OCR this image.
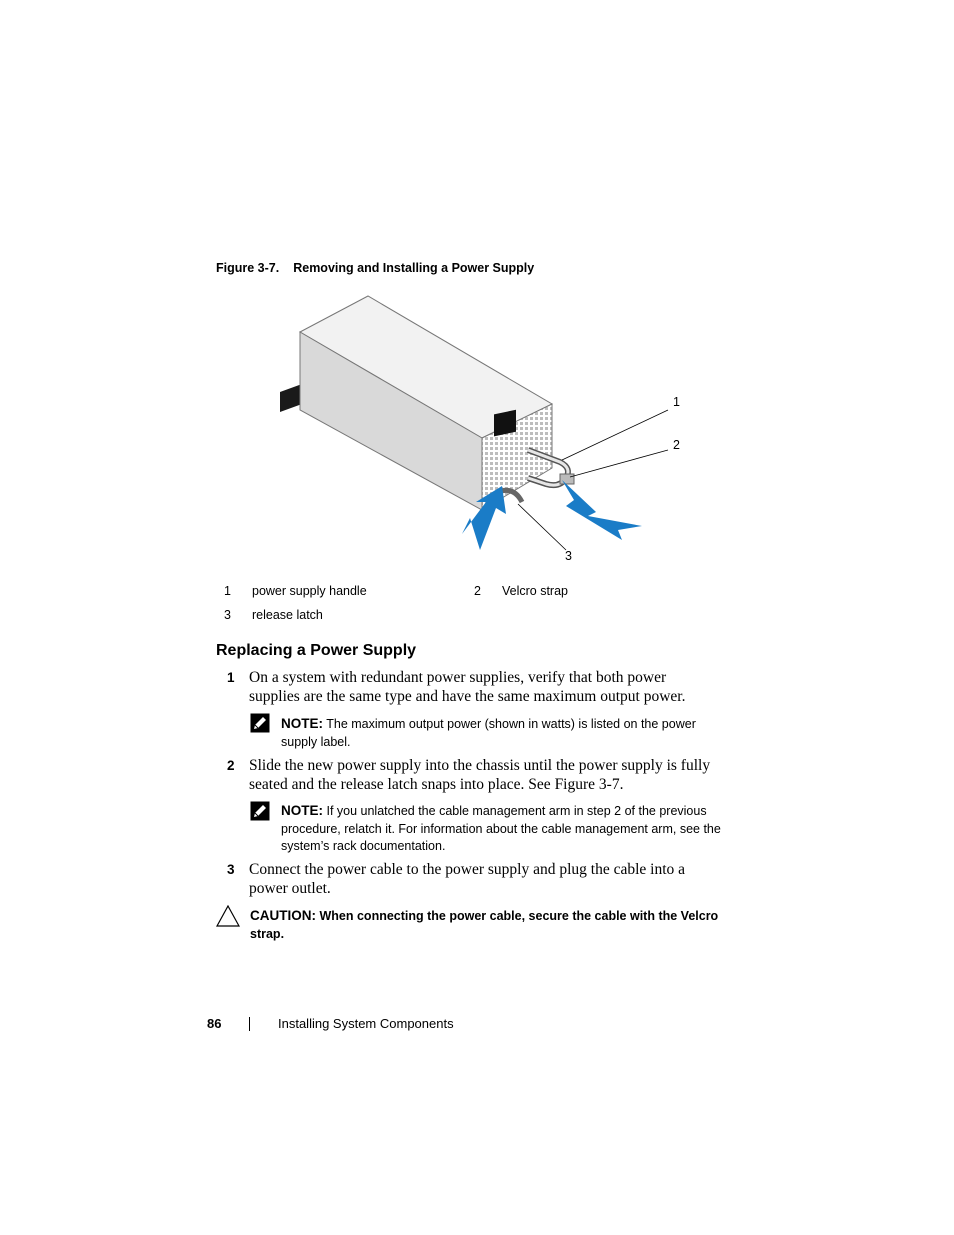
Figure 3-7. Removing and Installing a Power Supply
1
2
3
1 power supply handle	2 Velcro strap
3 release latch
Replacing a Power Supply
1 On a system with redundant power supplies, verify that both power supplies are the same type and have the same maximum output power.
NOTE: The maximum output power (shown in watts) is listed on the power supply label.
2 Slide the new power supply into the chassis until the power supply is fully seated and the release latch snaps into place. See Figure 3-7.
NOTE: If you unlatched the cable management arm in step 2 of the previous procedure, relatch it. For information about the cable management arm, see the system’s rack documentation.
3 Connect the power cable to the power supply and plug the cable into a power outlet.
CAUTION: When connecting the power cable, secure the cable with the Velcro strap.
86	Installing System Components
